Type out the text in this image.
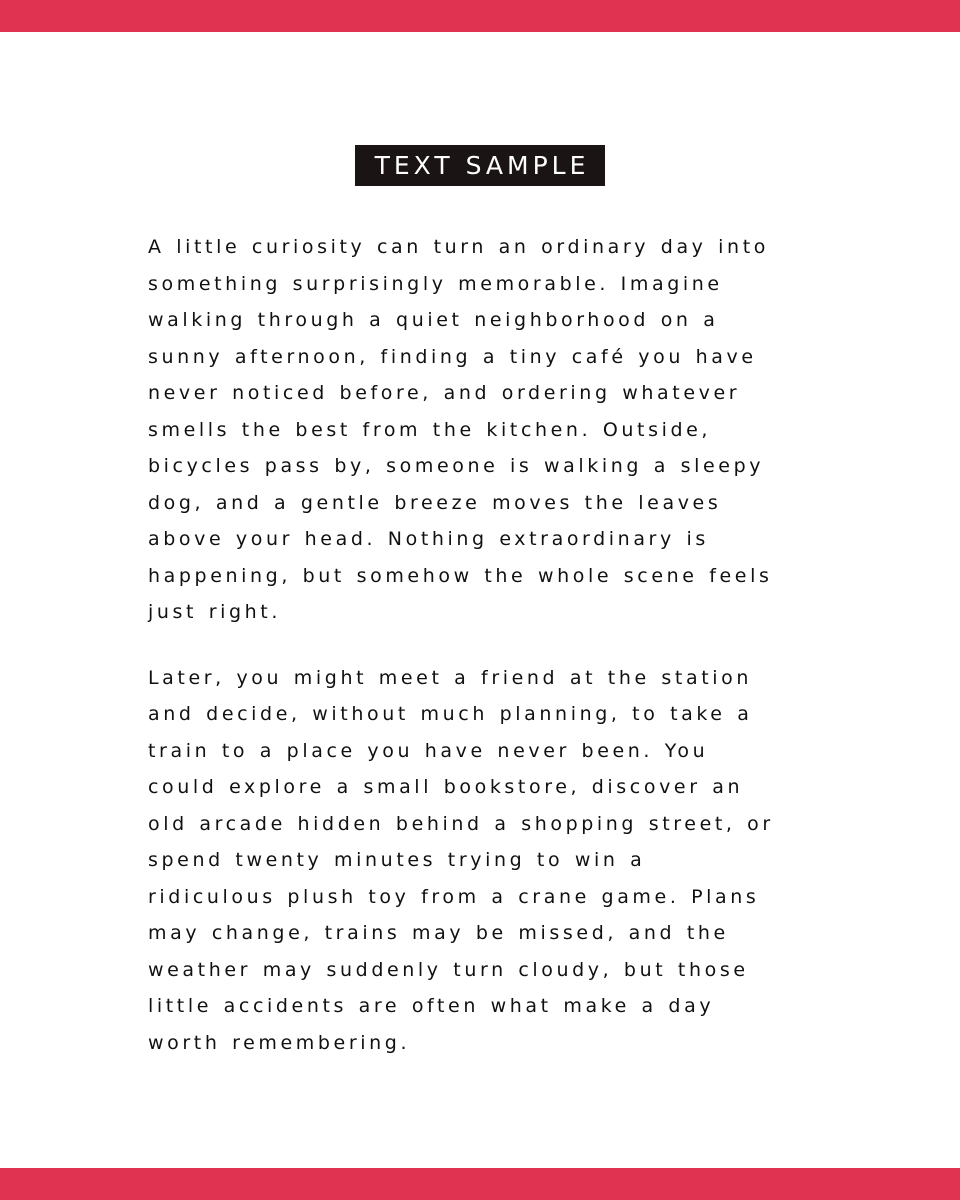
TEXT SAMPLE

A little curiosity can turn an ordinary day into
something surprisingly memorable. Imagine
walking through a quiet neighborhood on a
sunny afternoon, finding a tiny café you have
never noticed before, and ordering whatever
smells the best from the kitchen. Outside,
bicycles pass by, someone is walking a sleepy
dog, and a gentle breeze moves the leaves
above your head. Nothing extraordinary is
happening, but somehow the whole scene feels
just right.

Later, you might meet a friend at the station
and decide, without much planning, to take a
train to a place you have never been. You
could explore a small bookstore, discover an
old arcade hidden behind a shopping street, or
spend twenty minutes trying to win a
ridiculous plush toy from a crane game. Plans
may change, trains may be missed, and the
weather may suddenly turn cloudy, but those
little accidents are often what make a day
worth remembering.
